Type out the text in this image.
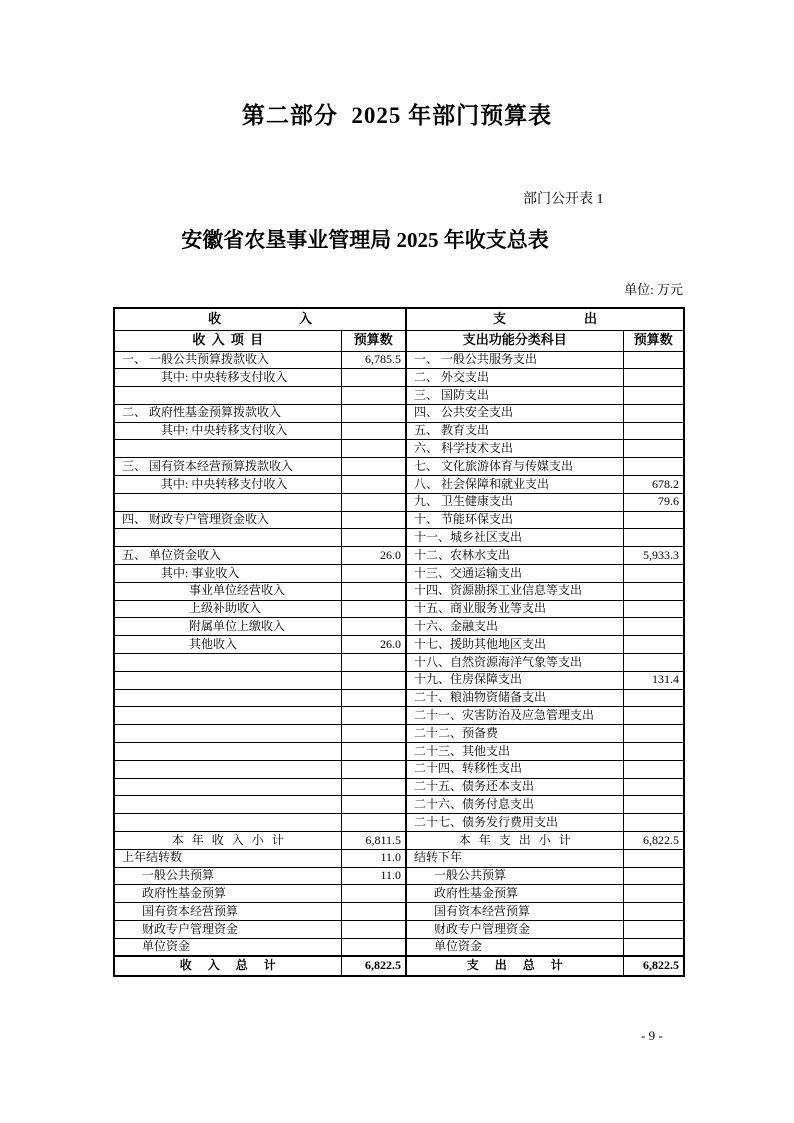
第二部分  2025 年部门预算表
部门公开表 1
安徽省农垦事业管理局 2025 年收支总表
单位: 万元
收　　　　　　入		支　　　　　　出	
收 入 项 目	预算数	支出功能分类科目	预算数
一、 一般公共预算拨款收入	6,785.5	一、 一般公共服务支出	
其中: 中央转移支付收入		二、 外交支出	
		三、 国防支出	
二、 政府性基金预算拨款收入		四、 公共安全支出	
其中: 中央转移支付收入		五、 教育支出	
		六、 科学技术支出	
三、 国有资本经营预算拨款收入		七、 文化旅游体育与传媒支出	
其中: 中央转移支付收入		八、 社会保障和就业支出	678.2
		九、 卫生健康支出	79.6
四、 财政专户管理资金收入		十、 节能环保支出	
		十一、城乡社区支出	
五、 单位资金收入	26.0	十二、农林水支出	5,933.3
其中: 事业收入		十三、交通运输支出	
事业单位经营收入		十四、资源勘探工业信息等支出	
上级补助收入		十五、商业服务业等支出	
附属单位上缴收入		十六、金融支出	
其他收入	26.0	十七、援助其他地区支出	
		十八、自然资源海洋气象等支出	
		十九、住房保障支出	131.4
		二十、粮油物资储备支出	
		二十一、灾害防治及应急管理支出	
		二十二、预备费	
		二十三、其他支出	
		二十四、转移性支出	
		二十五、债务还本支出	
		二十六、债务付息支出	
		二十七、债务发行费用支出	
本 年 收 入 小 计	6,811.5	本 年 支 出 小 计	6,822.5
上年结转数	11.0	结转下年	
一般公共预算	11.0	一般公共预算	
政府性基金预算		政府性基金预算	
国有资本经营预算		国有资本经营预算	
财政专户管理资金		财政专户管理资金	
单位资金		单位资金	
收  入  总  计	6,822.5	支  出  总  计	6,822.5
- 9 -
